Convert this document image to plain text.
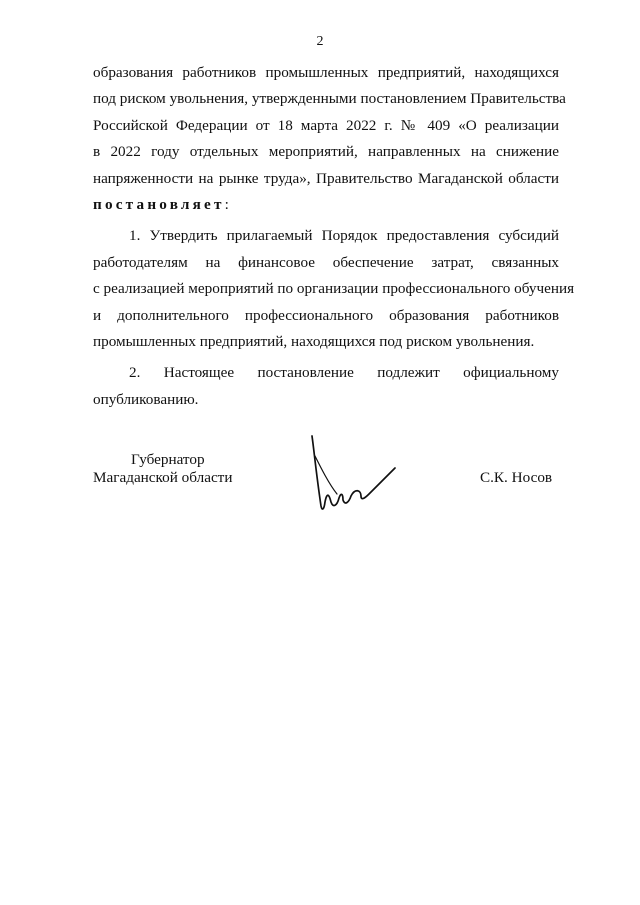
2
образования работников промышленных предприятий, находящихся
под риском увольнения, утвержденными постановлением Правительства
Российской Федерации от 18 марта 2022 г. № 409 «О реализации
в 2022 году отдельных мероприятий, направленных на снижение
напряженности на рынке труда», Правительство Магаданской области
постановляет:
1. Утвердить прилагаемый Порядок предоставления субсидий
работодателям на финансовое обеспечение затрат, связанных
с реализацией мероприятий по организации профессионального обучения
и дополнительного профессионального образования работников
промышленных предприятий, находящихся под риском увольнения.
2. Настоящее постановление подлежит официальному
опубликованию.
Губернатор
Магаданской области	С.К. Носов
